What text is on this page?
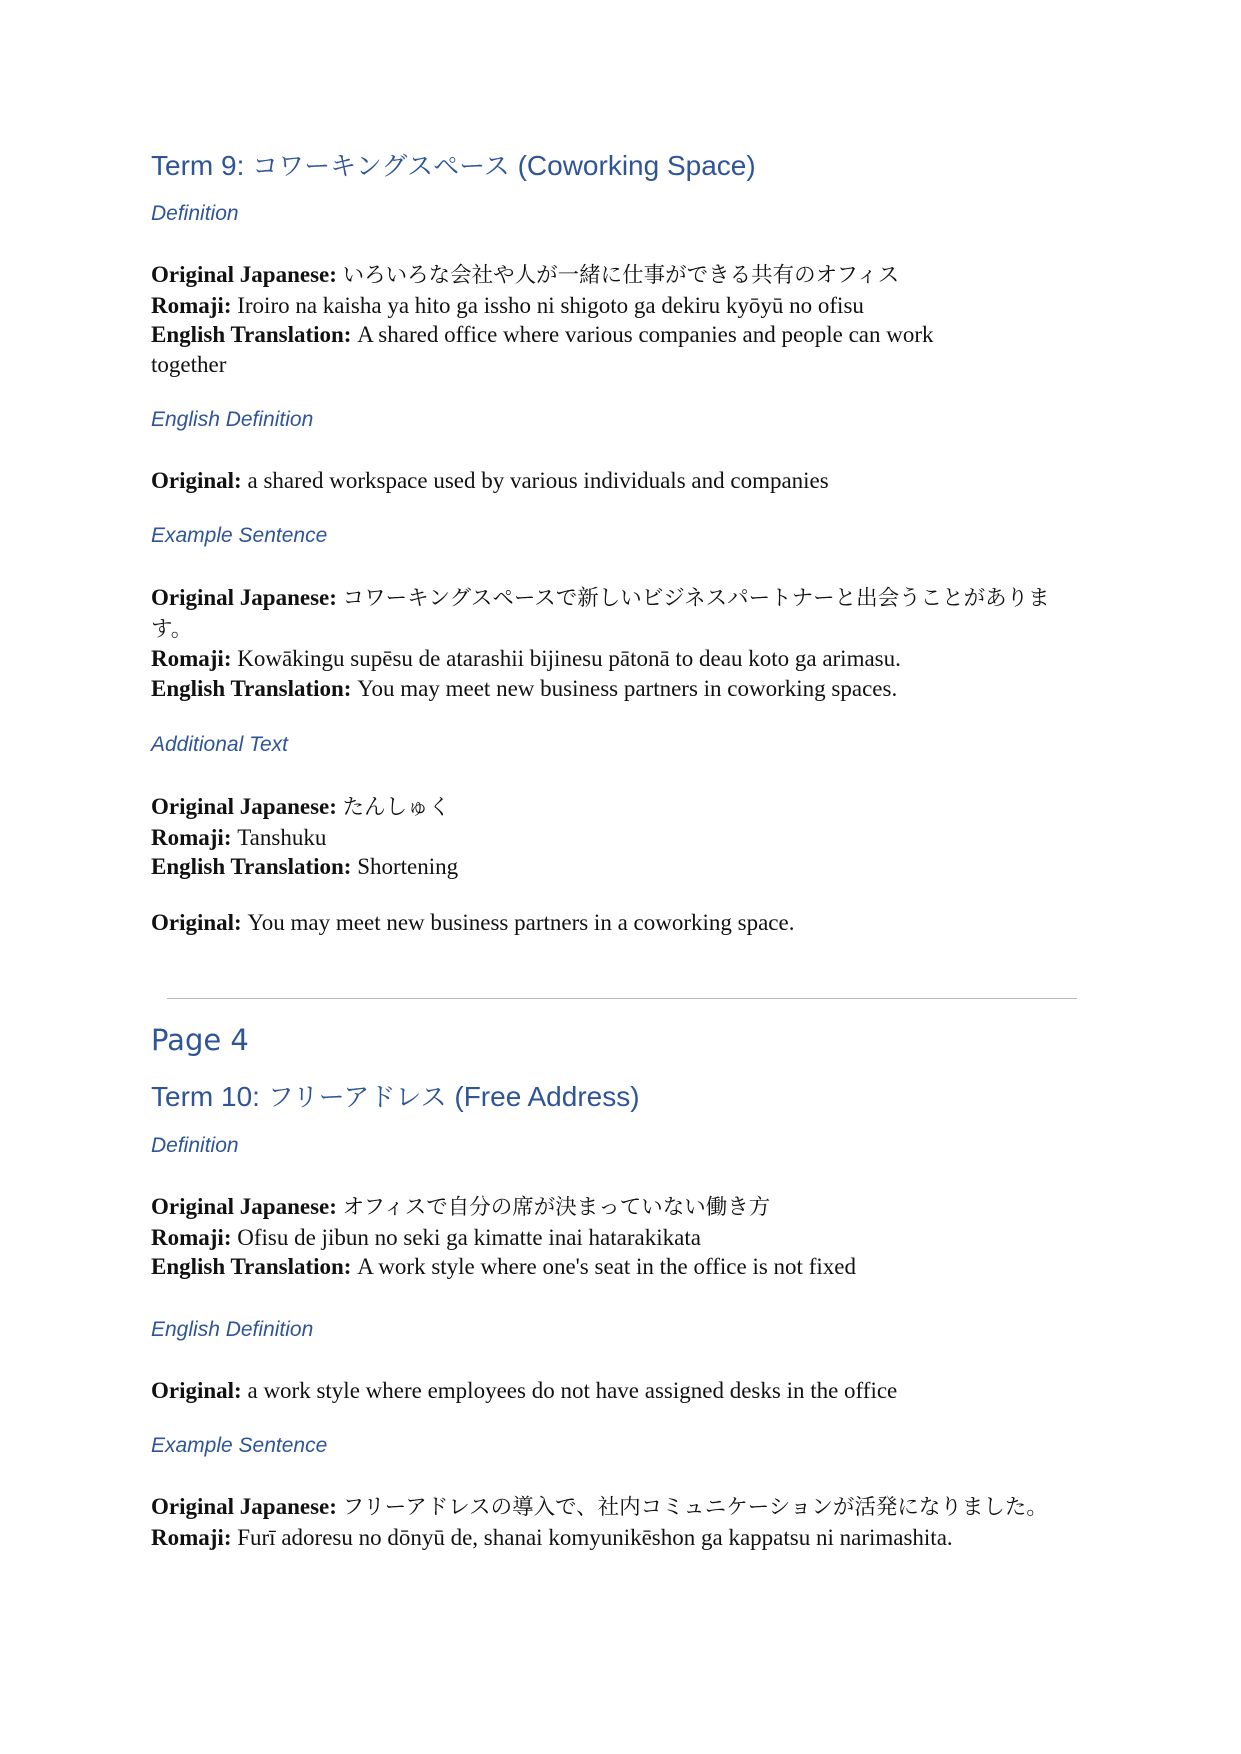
Term 9: コワーキングスペース (Coworking Space)
Definition
Original Japanese: いろいろな会社や人が一緒に仕事ができる共有のオフィス
Romaji: Iroiro na kaisha ya hito ga issho ni shigoto ga dekiru kyōyū no ofisu
English Translation: A shared office where various companies and people can work together
English Definition
Original: a shared workspace used by various individuals and companies
Example Sentence
Original Japanese: コワーキングスペースで新しいビジネスパートナーと出会うことがあります。
Romaji: Kowākingu supēsu de atarashii bijinesu pātonā to deau koto ga arimasu.
English Translation: You may meet new business partners in coworking spaces.
Additional Text
Original Japanese: たんしゅく
Romaji: Tanshuku
English Translation: Shortening
Original: You may meet new business partners in a coworking space.
Page 4
Term 10: フリーアドレス (Free Address)
Definition
Original Japanese: オフィスで自分の席が決まっていない働き方
Romaji: Ofisu de jibun no seki ga kimatte inai hatarakikata
English Translation: A work style where one's seat in the office is not fixed
English Definition
Original: a work style where employees do not have assigned desks in the office
Example Sentence
Original Japanese: フリーアドレスの導入で、社内コミュニケーションが活発になりました。
Romaji: Furī adoresu no dōnyū de, shanai komyunikēshon ga kappatsu ni narimashita.
